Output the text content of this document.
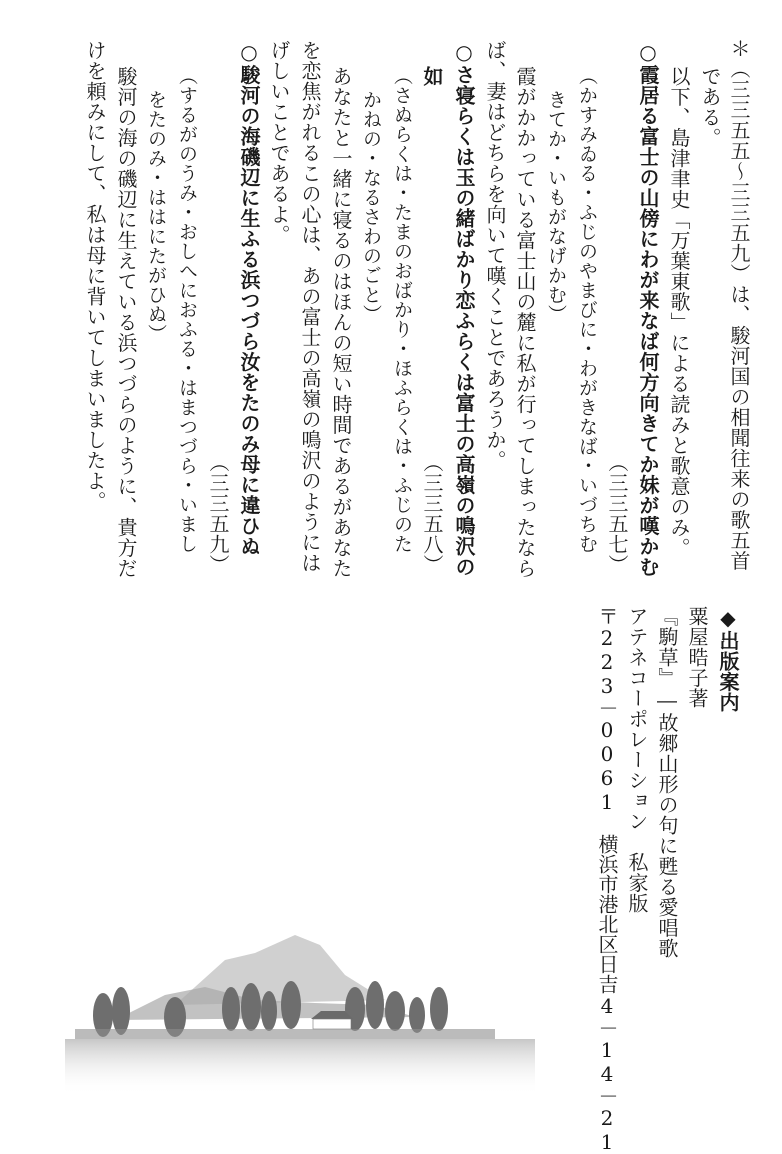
＊（三三五五～三三五九）は、駿河国の相聞往来の歌五首
である。
以下、島津聿史「万葉東歌」による読みと歌意のみ。
○霞居る富士の山傍にわが来なば何方向きてか妹が嘆かむ
（三三五七）
（かすみゐる・ふじのやまびに・わがきなば・いづちむ
きてか・いもがなげかむ）
霞がかかっている富士山の麓に私が行ってしまったなら
ば、妻はどちらを向いて嘆くことであろうか。
○さ寝らくは玉の緒ばかり恋ふらくは富士の高嶺の鳴沢の
如
（三三五八）
（さぬらくは・たまのおばかり・ほふらくは・ふじのた
かねの・なるさわのごと）
あなたと一緒に寝るのはほんの短い時間であるがあなた
を恋焦がれるこの心は、あの富士の高嶺の鳴沢のようには
げしいことであるよ。
○駿河の海磯辺に生ふる浜つづら汝をたのみ母に違ひぬ
（三三五九）
（するがのうみ・おしへにおふる・はまつづら・いまし
をたのみ・ははにたがひぬ）
駿河の海の磯辺に生えている浜つづらのように、貴方だ
けを頼みにして、私は母に背いてしまいましたよ。
◆出版案内
粟屋晧子著
『駒草』―故郷山形の句に甦る愛唱歌
アテネコーポレーション　私家版
〒223－0061　横浜市港北区日吉4－14－21
